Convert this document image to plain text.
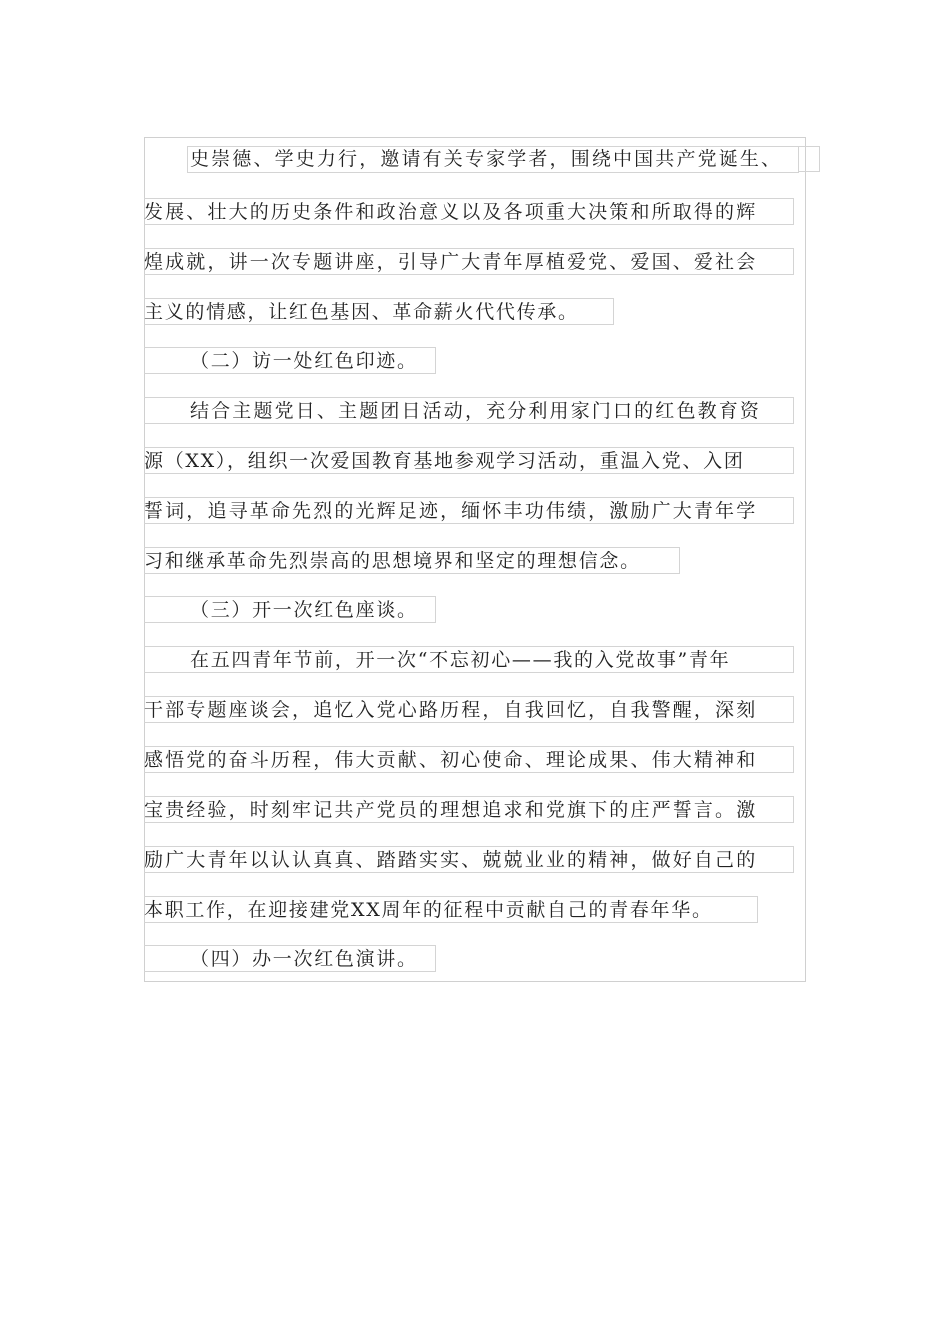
史崇德、学史力行，邀请有关专家学者，围绕中国共产党诞生、
发展、壮大的历史条件和政治意义以及各项重大决策和所取得的辉
煌成就，讲一次专题讲座，引导广大青年厚植爱党、爱国、爱社会
主义的情感，让红色基因、革命薪火代代传承。
（二）访一处红色印迹。
结合主题党日、主题团日活动，充分利用家门口的红色教育资
源（XX），组织一次爱国教育基地参观学习活动，重温入党、入团
誓词，追寻革命先烈的光辉足迹，缅怀丰功伟绩，激励广大青年学
习和继承革命先烈崇高的思想境界和坚定的理想信念。
（三）开一次红色座谈。
在五四青年节前，开一次“不忘初心——我的入党故事”青年
干部专题座谈会，追忆入党心路历程，自我回忆，自我警醒，深刻
感悟党的奋斗历程，伟大贡献、初心使命、理论成果、伟大精神和
宝贵经验，时刻牢记共产党员的理想追求和党旗下的庄严誓言。激
励广大青年以认认真真、踏踏实实、兢兢业业的精神，做好自己的
本职工作，在迎接建党XX周年的征程中贡献自己的青春年华。
（四）办一次红色演讲。
